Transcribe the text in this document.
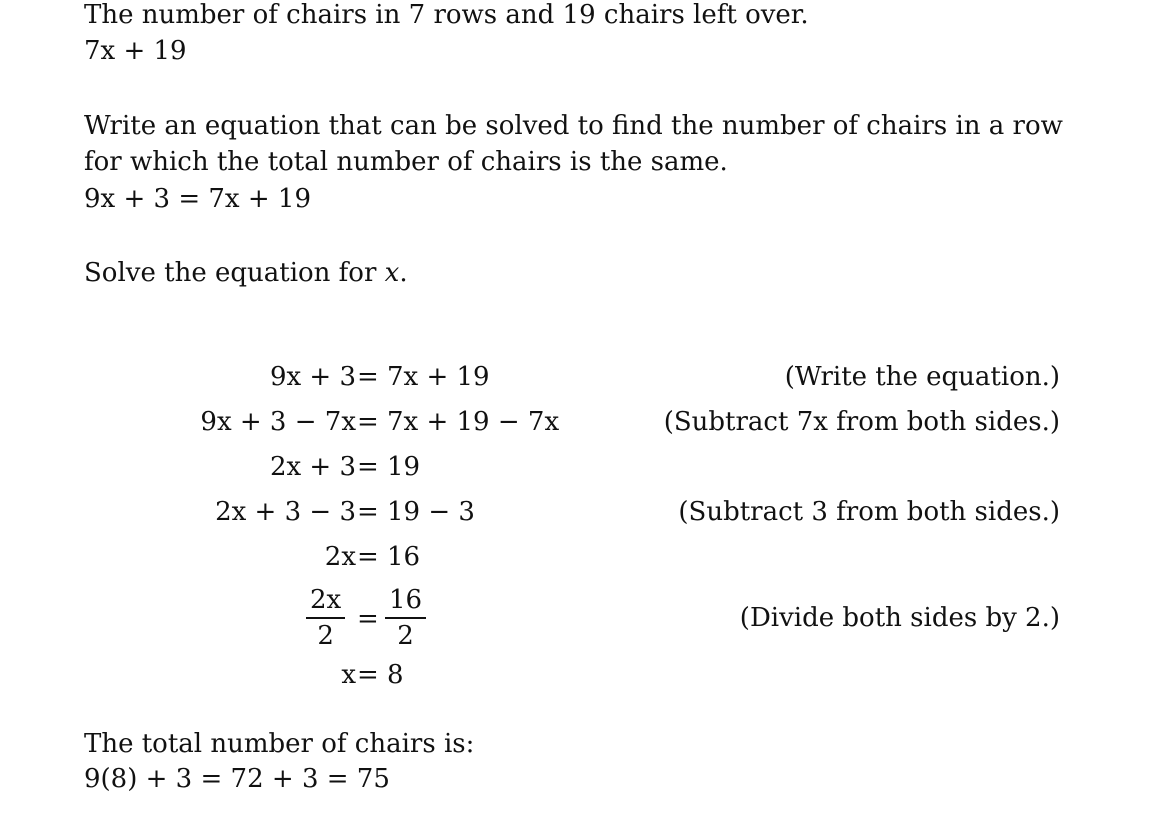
The number of chairs in 7 rows and 19 chairs left over.
7x + 19
Write an equation that can be solved to find the number of chairs in a row
for which the total number of chairs is the same.
9x + 3 = 7x + 19
Solve the equation for x.
9x + 3 = 7x + 19	(Write the equation.)
9x + 3 − 7x = 7x + 19 − 7x	(Subtract 7x from both sides.)
2x + 3 = 19
2x + 3 − 3 = 19 − 3	(Subtract 3 from both sides.)
2x = 16
$\frac{2x}{2} = \frac{16}{2}$	(Divide both sides by 2.)
x = 8
The total number of chairs is:
9(8) + 3 = 72 + 3 = 75
